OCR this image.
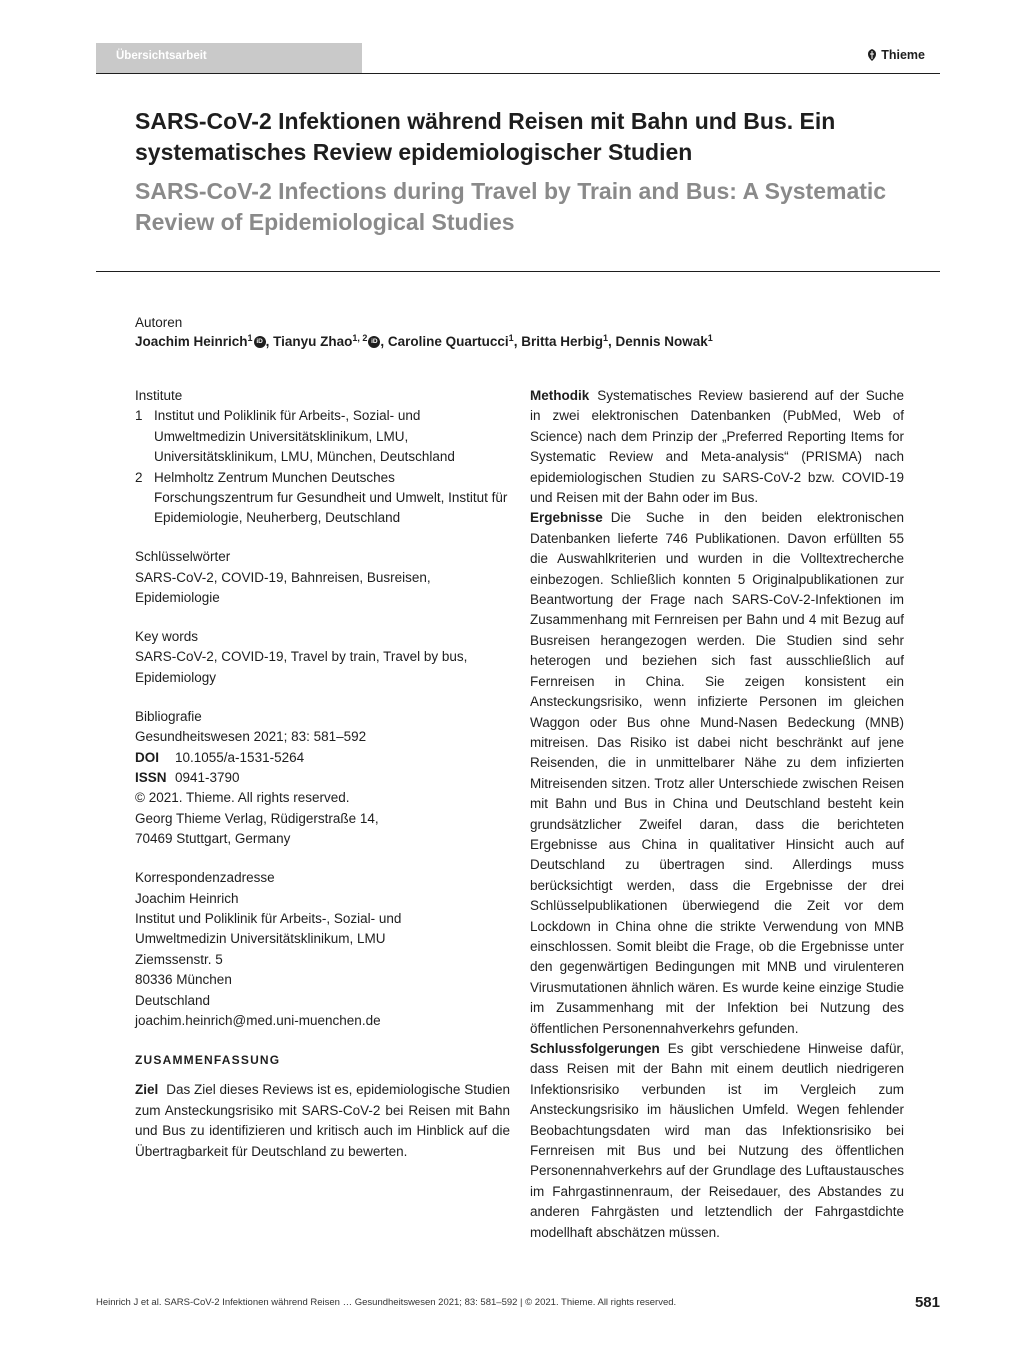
Übersichtsarbeit	Thieme
SARS-CoV-2 Infektionen während Reisen mit Bahn und Bus. Ein systematisches Review epidemiologischer Studien
SARS-CoV-2 Infections during Travel by Train and Bus: A Systematic Review of Epidemiological Studies
Autoren
Joachim Heinrich$^1$ iD , Tianyu Zhao$^{1, 2}$ iD , Caroline Quartucci$^1$, Britta Herbig$^1$, Dennis Nowak$^1$
Institute
1 Institut und Poliklinik für Arbeits-, Sozial- und Umweltmedizin Universitätsklinikum, LMU, Universitätsklinikum, LMU, München, Deutschland
2 Helmholtz Zentrum Munchen Deutsches Forschungszentrum fur Gesundheit und Umwelt, Institut für Epidemiologie, Neuherberg, Deutschland
Schlüsselwörter
SARS-CoV-2, COVID-19, Bahnreisen, Busreisen, Epidemiologie
Key words
SARS-CoV-2, COVID-19, Travel by train, Travel by bus, Epidemiology
Bibliografie
Gesundheitswesen 2021; 83: 581–592
DOI 10.1055/a-1531-5264
ISSN 0941-3790
© 2021. Thieme. All rights reserved.
Georg Thieme Verlag, Rüdigerstraße 14,
70469 Stuttgart, Germany
Korrespondenzadresse
Joachim Heinrich
Institut und Poliklinik für Arbeits-, Sozial- und
Umweltmedizin Universitätsklinikum, LMU
Ziemssenstr. 5
80336 München
Deutschland
joachim.heinrich@med.uni-muenchen.de
ZUSAMMENFASSUNG
Ziel Das Ziel dieses Reviews ist es, epidemiologische Studien zum Ansteckungsrisiko mit SARS-CoV-2 bei Reisen mit Bahn und Bus zu identifizieren und kritisch auch im Hinblick auf die Übertragbarkeit für Deutschland zu bewerten.

Methodik Systematisches Review basierend auf der Suche in zwei elektronischen Datenbanken (PubMed, Web of Science) nach dem Prinzip der „Preferred Reporting Items for Systematic Review and Meta-analysis“ (PRISMA) nach epidemiologischen Studien zu SARS-CoV-2 bzw. COVID-19 und Reisen mit der Bahn oder im Bus.

Ergebnisse Die Suche in den beiden elektronischen Datenbanken lieferte 746 Publikationen. Davon erfüllten 55 die Auswahlkriterien und wurden in die Volltextrecherche einbezogen. Schließlich konnten 5 Originalpublikationen zur Beantwortung der Frage nach SARS-CoV-2-Infektionen im Zusammenhang mit Fernreisen per Bahn und 4 mit Bezug auf Busreisen herangezogen werden. Die Studien sind sehr heterogen und beziehen sich fast ausschließlich auf Fernreisen in China. Sie zeigen konsistent ein Ansteckungsrisiko, wenn infizierte Personen im gleichen Waggon oder Bus ohne Mund-Nasen Bedeckung (MNB) mitreisen. Das Risiko ist dabei nicht beschränkt auf jene Reisenden, die in unmittelbarer Nähe zu dem infizierten Mitreisenden sitzen. Trotz aller Unterschiede zwischen Reisen mit Bahn und Bus in China und Deutschland besteht kein grundsätzlicher Zweifel daran, dass die berichteten Ergebnisse aus China in qualitativer Hinsicht auch auf Deutschland zu übertragen sind. Allerdings muss berücksichtigt werden, dass die Ergebnisse der drei Schlüsselpublikationen überwiegend die Zeit vor dem Lockdown in China ohne die strikte Verwendung von MNB einschlossen. Somit bleibt die Frage, ob die Ergebnisse unter den gegenwärtigen Bedingungen mit MNB und virulenteren Virusmutationen ähnlich wären. Es wurde keine einzige Studie im Zusammenhang mit der Infektion bei Nutzung des öffentlichen Personennahverkehrs gefunden.

Schlussfolgerungen Es gibt verschiedene Hinweise dafür, dass Reisen mit der Bahn mit einem deutlich niedrigeren Infektionsrisiko verbunden ist im Vergleich zum Ansteckungsrisiko im häuslichen Umfeld. Wegen fehlender Beobachtungsdaten wird man das Infektionsrisiko bei Fernreisen mit Bus und bei Nutzung des öffentlichen Personennahverkehrs auf der Grundlage des Luftaustausches im Fahrgastinnenraum, der Reisedauer, des Abstandes zu anderen Fahrgästen und letztendlich der Fahrgastdichte modellhaft abschätzen müssen.

Heinrich J et al. SARS-CoV-2 Infektionen während Reisen … Gesundheitswesen 2021; 83: 581–592 | © 2021. Thieme. All rights reserved.	581
